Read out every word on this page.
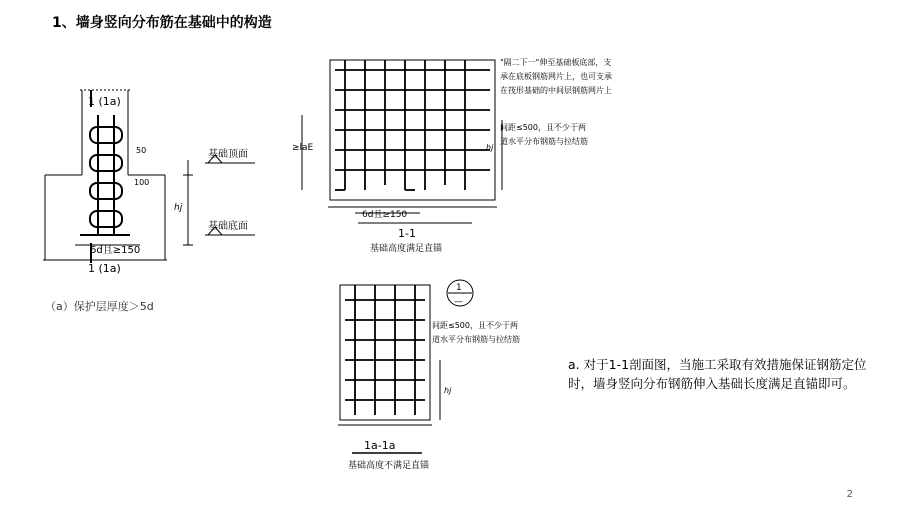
1、墙身竖向分布筋在基础中的构造
1 (1a)
1 (1a)
50
100
hj
基础顶面
基础底面
6d且≥150
（a）保护层厚度＞5d
"隔二下一"伸至基础板底部，支
承在底板钢筋网片上，也可支承
在筏形基础的中间层钢筋网片上
≥laE
间距≤500，且不少于两
道水平分布钢筋与拉结筋
hj
6d且≥150
1-1
基础高度满足直锚
1
—
间距≤500，且不少于两
道水平分布钢筋与拉结筋
hj
1a-1a
基础高度不满足直锚
a. 对于1-1剖面图，当施工采取有效措施保证钢筋定位时，墙身竖向分布钢筋伸入基础长度满足直锚即可。
2
